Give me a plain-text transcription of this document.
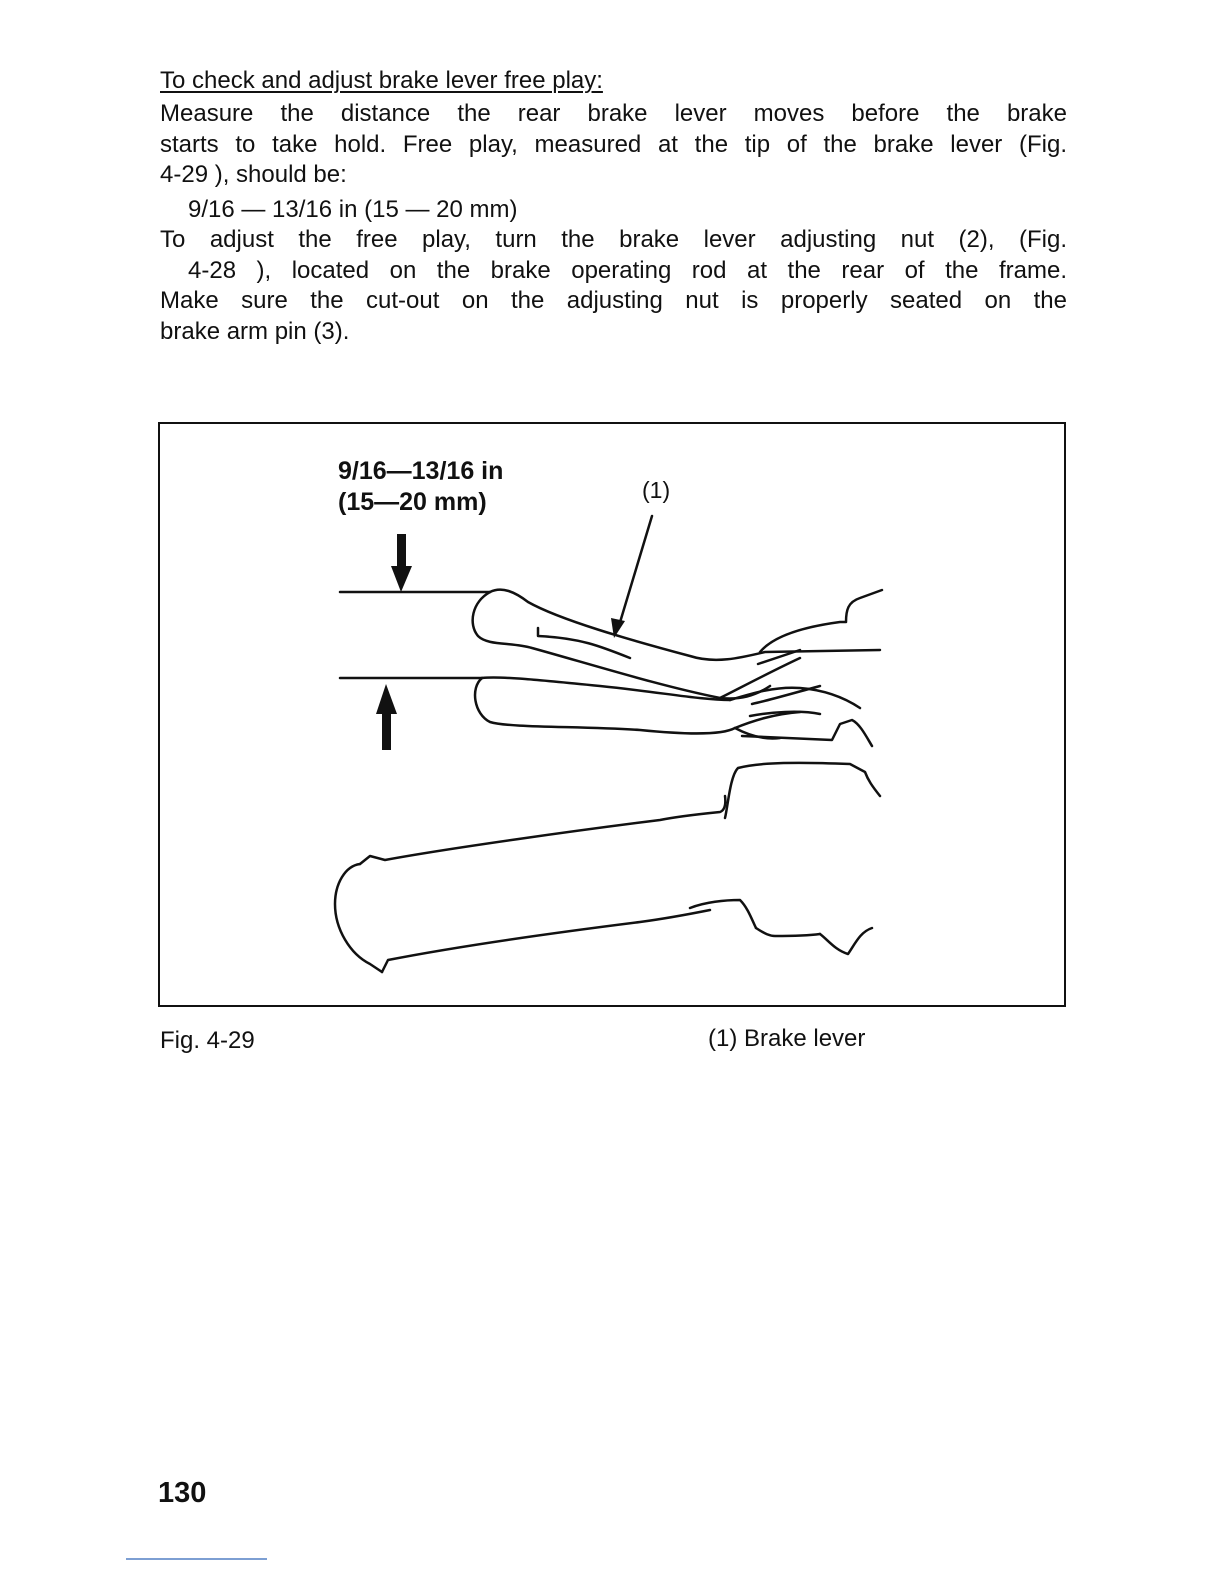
To check and adjust brake lever free play:
Measure the distance the rear brake lever moves before the brake
starts to take hold. Free play, measured at the tip of the brake lever (Fig.
4-29 ), should be:
9/16 — 13/16 in (15 — 20 mm)
To adjust the free play, turn the brake lever adjusting nut (2), (Fig.
4-28 ), located on the brake operating rod at the rear of the frame.
Make sure the cut-out on the adjusting nut is properly seated on the
brake arm pin (3).
9/16—13/16 in
(15—20 mm)	(1)
Fig. 4-29	(1) Brake lever
130
